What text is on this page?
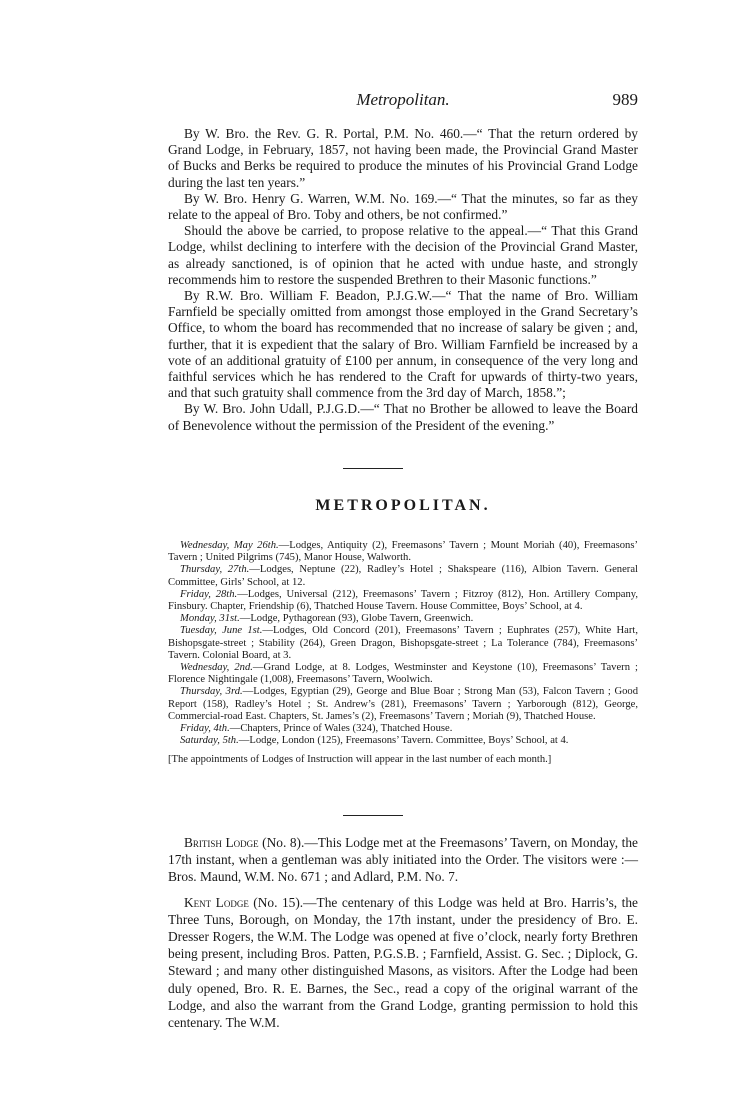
Metropolitan.	989

By W. Bro. the Rev. G. R. Portal, P.M. No. 460.—“ That the return ordered by Grand Lodge, in February, 1857, not having been made, the Provincial Grand Master of Bucks and Berks be required to produce the minutes of his Provincial Grand Lodge during the last ten years.”

By W. Bro. Henry G. Warren, W.M. No. 169.—“ That the minutes, so far as they relate to the appeal of Bro. Toby and others, be not confirmed.”

Should the above be carried, to propose relative to the appeal.—“ That this Grand Lodge, whilst declining to interfere with the decision of the Provincial Grand Master, as already sanctioned, is of opinion that he acted with undue haste, and strongly recommends him to restore the suspended Brethren to their Masonic functions.”

By R.W. Bro. William F. Beadon, P.J.G.W.—“ That the name of Bro. William Farnfield be specially omitted from amongst those employed in the Grand Secretary’s Office, to whom the board has recommended that no increase of salary be given ; and, further, that it is expedient that the salary of Bro. William Farnfield be increased by a vote of an additional gratuity of £100 per annum, in consequence of the very long and faithful services which he has rendered to the Craft for upwards of thirty-two years, and that such gratuity shall commence from the 3rd day of March, 1858.”;

By W. Bro. John Udall, P.J.G.D.—“ That no Brother be allowed to leave the Board of Benevolence without the permission of the President of the evening.”

METROPOLITAN.

Wednesday, May 26th.—Lodges, Antiquity (2), Freemasons’ Tavern ; Mount Moriah (40), Freemasons’ Tavern ; United Pilgrims (745), Manor House, Walworth.

Thursday, 27th.—Lodges, Neptune (22), Radley’s Hotel ; Shakspeare (116), Albion Tavern. General Committee, Girls’ School, at 12.

Friday, 28th.—Lodges, Universal (212), Freemasons’ Tavern ; Fitzroy (812), Hon. Artillery Company, Finsbury. Chapter, Friendship (6), Thatched House Tavern. House Committee, Boys’ School, at 4.

Monday, 31st.—Lodge, Pythagorean (93), Globe Tavern, Greenwich.

Tuesday, June 1st.—Lodges, Old Concord (201), Freemasons’ Tavern ; Euphrates (257), White Hart, Bishopsgate-street ; Stability (264), Green Dragon, Bishopsgate-street ; La Tolerance (784), Freemasons’ Tavern. Colonial Board, at 3.

Wednesday, 2nd.—Grand Lodge, at 8. Lodges, Westminster and Keystone (10), Freemasons’ Tavern ; Florence Nightingale (1,008), Freemasons’ Tavern, Woolwich.

Thursday, 3rd.—Lodges, Egyptian (29), George and Blue Boar ; Strong Man (53), Falcon Tavern ; Good Report (158), Radley’s Hotel ; St. Andrew’s (281), Freemasons’ Tavern ; Yarborough (812), George, Commercial-road East. Chapters, St. James’s (2), Freemasons’ Tavern ; Moriah (9), Thatched House.

Friday, 4th.—Chapters, Prince of Wales (324), Thatched House.

Saturday, 5th.—Lodge, London (125), Freemasons’ Tavern. Committee, Boys’ School, at 4.

[The appointments of Lodges of Instruction will appear in the last number of each month.]

British Lodge (No. 8).—This Lodge met at the Freemasons’ Tavern, on Monday, the 17th instant, when a gentleman was ably initiated into the Order. The visitors were :—Bros. Maund, W.M. No. 671 ; and Adlard, P.M. No. 7.

Kent Lodge (No. 15).—The centenary of this Lodge was held at Bro. Harris’s, the Three Tuns, Borough, on Monday, the 17th instant, under the presidency of Bro. E. Dresser Rogers, the W.M. The Lodge was opened at five o’clock, nearly forty Brethren being present, including Bros. Patten, P.G.S.B. ; Farnfield, Assist. G. Sec. ; Diplock, G. Steward ; and many other distinguished Masons, as visitors. After the Lodge had been duly opened, Bro. R. E. Barnes, the Sec., read a copy of the original warrant of the Lodge, and also the warrant from the Grand Lodge, granting permission to hold this centenary. The W.M.
